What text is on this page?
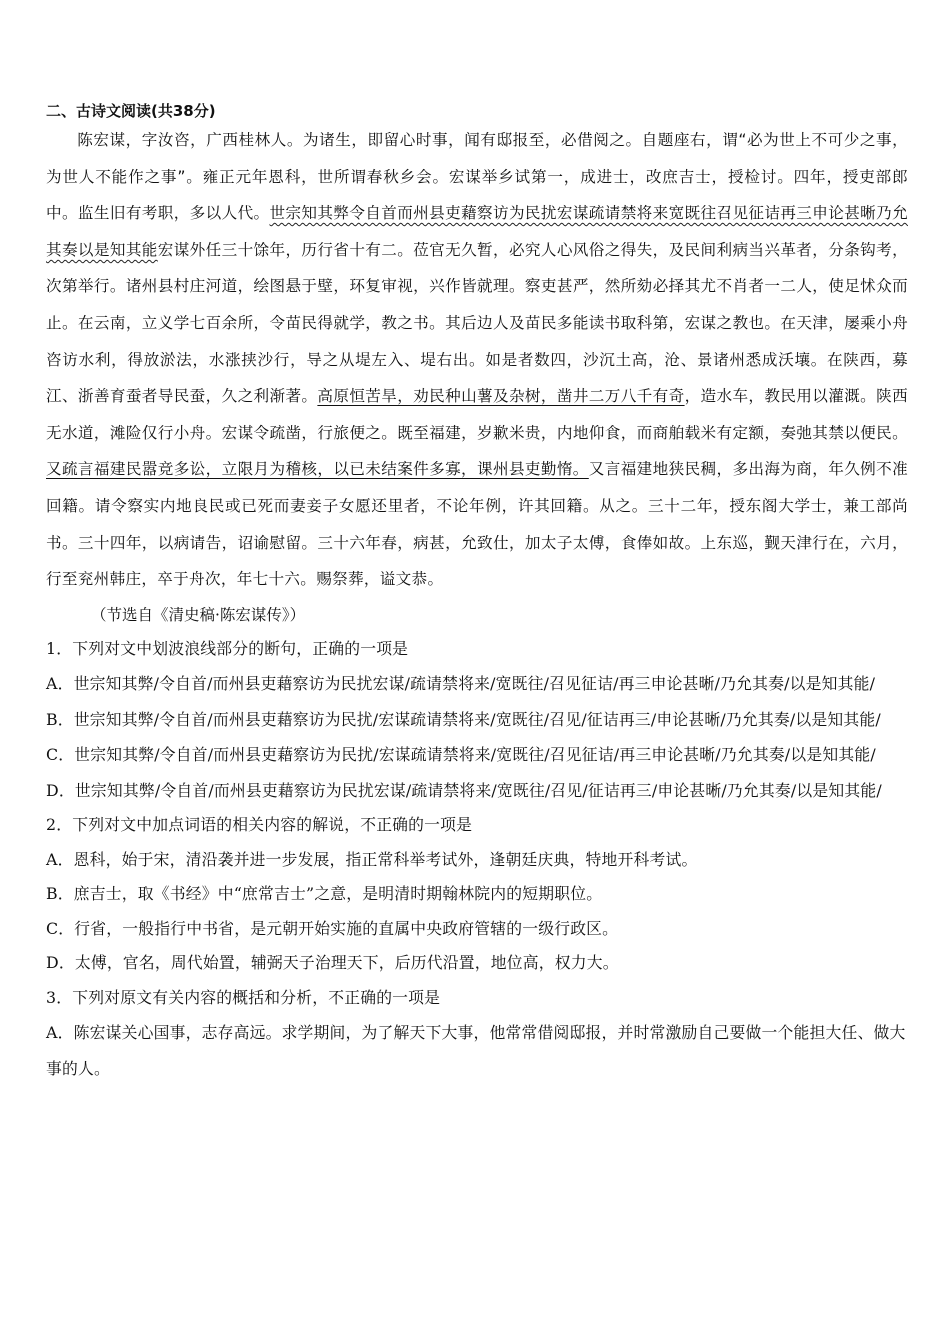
二、古诗文阅读(共38分)

陈宏谋，字汝咨，广西桂林人。为诸生，即留心时事，闻有邸报至，必借阅之。自题座右，谓“必为世上不可少之事，为世人不能作之事”。雍正元年恩科，世所谓春秋乡会。宏谋举乡试第一，成进士，改庶吉士，授检讨。四年，授吏部郎中。监生旧有考职，多以人代。世宗知其弊令自首而州县吏藉察访为民扰宏谋疏请禁将来宽既往召见征诘再三申论甚晰乃允其奏以是知其能宏谋外任三十馀年，历行省十有二。莅官无久暂，必究人心风俗之得失，及民间利病当兴革者，分条钩考，次第举行。诸州县村庄河道，绘图悬于壁，环复审视，兴作皆就理。察吏甚严，然所劾必择其尤不肖者一二人，使足怵众而止。在云南，立义学七百余所，令苗民得就学，教之书。其后边人及苗民多能读书取科第，宏谋之教也。在天津，屡乘小舟咨访水利，得放淤法，水涨挟沙行，导之从堤左入、堤右出。如是者数四，沙沉土高，沧、景诸州悉成沃壤。在陕西，募江、浙善育蚕者导民蚕，久之利渐著。高原恒苦旱，劝民种山薯及杂树，凿井二万八千有奇，造水车，教民用以灌溉。陕西无水道，滩险仅行小舟。宏谋令疏凿，行旅便之。既至福建，岁歉米贵，内地仰食，而商舶载米有定额，奏弛其禁以便民。又疏言福建民嚣竞多讼，立限月为稽核，以已未结案件多寡，课州县吏勤惰。又言福建地狭民稠，多出海为商，年久例不准回籍。请令察实内地良民或已死而妻妾子女愿还里者，不论年例，许其回籍。从之。三十二年，授东阁大学士，兼工部尚书。三十四年，以病请告，诏谕慰留。三十六年春，病甚，允致仕，加太子太傅，食俸如故。上东巡，觐天津行在，六月，行至兖州韩庄，卒于舟次，年七十六。赐祭葬，谥文恭。

（节选自《清史稿·陈宏谋传》）

1．下列对文中划波浪线部分的断句，正确的一项是

A．世宗知其弊/令自首/而州县吏藉察访为民扰宏谋/疏请禁将来/宽既往/召见征诘/再三申论甚晰/乃允其奏/以是知其能/

B．世宗知其弊/令自首/而州县吏藉察访为民扰/宏谋疏请禁将来/宽既往/召见/征诘再三/申论甚晰/乃允其奏/以是知其能/

C．世宗知其弊/令自首/而州县吏藉察访为民扰/宏谋疏请禁将来/宽既往/召见征诘/再三申论甚晰/乃允其奏/以是知其能/

D．世宗知其弊/令自首/而州县吏藉察访为民扰宏谋/疏请禁将来/宽既往/召见/征诘再三/申论甚晰/乃允其奏/以是知其能/

2．下列对文中加点词语的相关内容的解说，不正确的一项是

A．恩科，始于宋，清沿袭并进一步发展，指正常科举考试外，逢朝廷庆典，特地开科考试。

B．庶吉士，取《书经》中“庶常吉士”之意，是明清时期翰林院内的短期职位。

C．行省，一般指行中书省，是元朝开始实施的直属中央政府管辖的一级行政区。

D．太傅，官名，周代始置，辅弼天子治理天下，后历代沿置，地位高，权力大。

3．下列对原文有关内容的概括和分析，不正确的一项是

A．陈宏谋关心国事，志存高远。求学期间，为了解天下大事，他常常借阅邸报，并时常激励自己要做一个能担大任、做大事的人。
